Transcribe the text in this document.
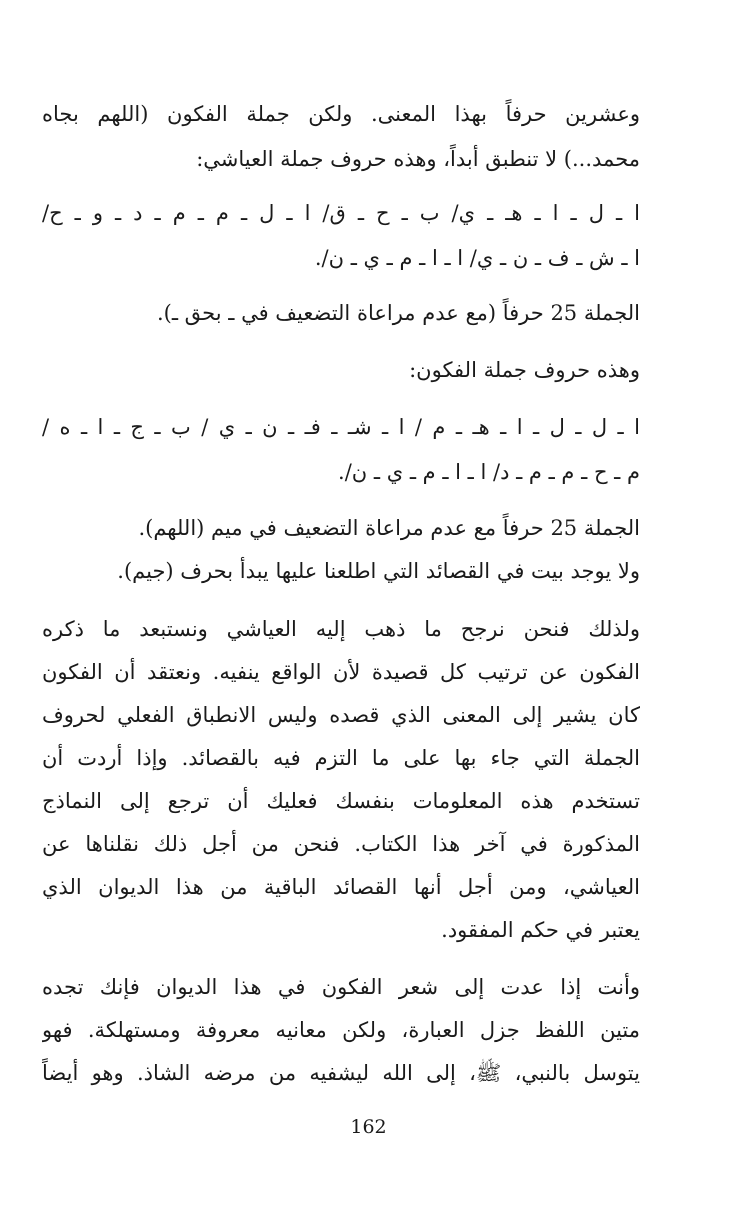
وعشرين حرفاً بهذا المعنى. ولكن جملة الفكون (اللهم بجاه
محمد...) لا تنطبق أبداً، وهذه حروف جملة العياشي:
ا ـ ل ـ ا ـ هـ ـ ي/ ب ـ ح ـ ق/ ا ـ ل ـ م ـ م ـ د ـ و ـ ح/
ا ـ ش ـ ف ـ ن ـ ي/ ا ـ ا ـ م ـ ي ـ ن/.
الجملة 25 حرفاً (مع عدم مراعاة التضعيف في ـ بحق ـ).
وهذه حروف جملة الفكون:
ا ـ ل ـ ل ـ ا ـ هـ ـ م / ا ـ شـ ـ فـ ـ ن ـ ي / ب ـ ج ـ ا ـ ه /
م ـ ح ـ م ـ م ـ د/ ا ـ ا ـ م ـ ي ـ ن/.
الجملة 25 حرفاً مع عدم مراعاة التضعيف في ميم (اللهم).
ولا يوجد بيت في القصائد التي اطلعنا عليها يبدأ بحرف (جيم).
ولذلك فنحن نرجح ما ذهب إليه العياشي ونستبعد ما ذكره
الفكون عن ترتيب كل قصيدة لأن الواقع ينفيه. ونعتقد أن الفكون
كان يشير إلى المعنى الذي قصده وليس الانطباق الفعلي لحروف
الجملة التي جاء بها على ما التزم فيه بالقصائد. وإذا أردت أن
تستخدم هذه المعلومات بنفسك فعليك أن ترجع إلى النماذج
المذكورة في آخر هذا الكتاب. فنحن من أجل ذلك نقلناها عن
العياشي، ومن أجل أنها القصائد الباقية من هذا الديوان الذي
يعتبر في حكم المفقود.
وأنت إذا عدت إلى شعر الفكون في هذا الديوان فإنك تجده
متين اللفظ جزل العبارة، ولكن معانيه معروفة ومستهلكة. فهو
يتوسل بالنبي، ﷺ، إلى الله ليشفيه من مرضه الشاذ. وهو أيضاً
162
